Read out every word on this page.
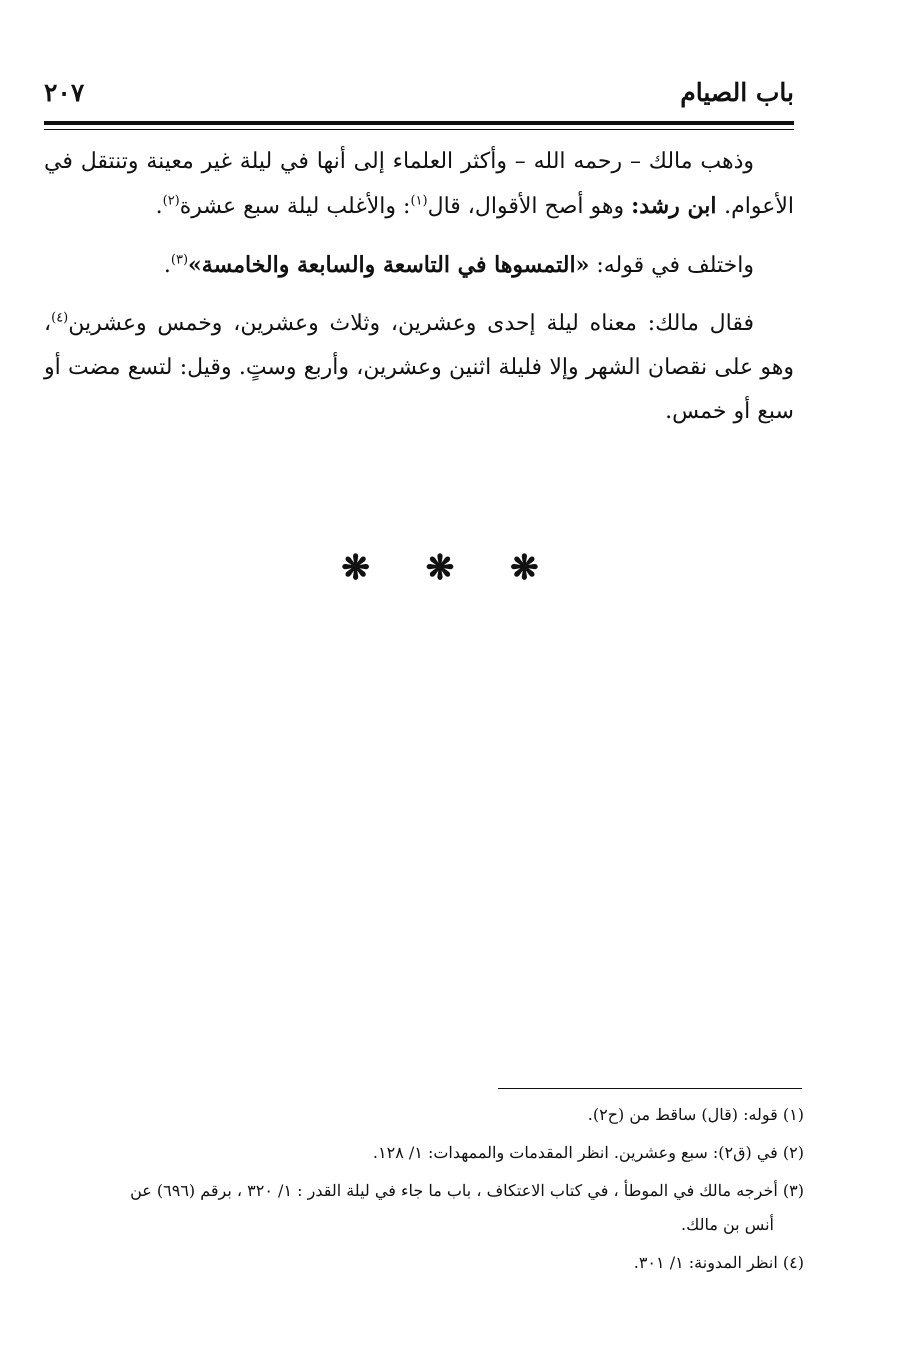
باب الصيام
٢٠٧

وذهب مالك – رحمه الله – وأكثر العلماء إلى أنها في ليلة غير معينة وتنتقل في الأعوام. ابن رشد: وهو أصح الأقوال، قال$^{(١)}$: والأغلب ليلة سبع عشرة$^{(٢)}$.

واختلف في قوله: «التمسوها في التاسعة والسابعة والخامسة»$^{(٣)}$.

فقال مالك: معناه ليلة إحدى وعشرين، وثلاث وعشرين، وخمس وعشرين$^{(٤)}$، وهو على نقصان الشهر وإلا فليلة اثنين وعشرين، وأربع وستٍ. وقيل: لتسع مضت أو سبع أو خمس.

❋ ❋ ❋

(١) قوله: (قال) ساقط من (ح٢).

(٢) في (ق٢): سبع وعشرين. انظر المقدمات والممهدات: ١/ ١٢٨.

(٣) أخرجه مالك في الموطأ ، في كتاب الاعتكاف ، باب ما جاء في ليلة القدر : ١/ ٣٢٠ ، برقم (٦٩٦) عن
أنس بن مالك.

(٤) انظر المدونة: ١/ ٣٠١.
